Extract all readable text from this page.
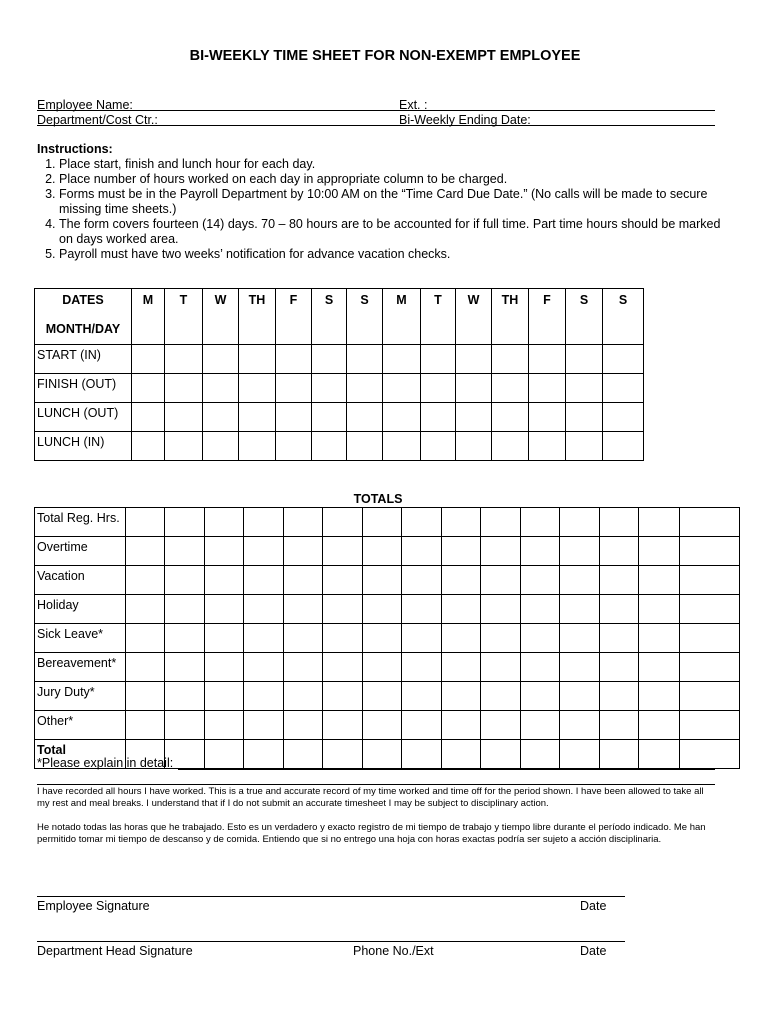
BI-WEEKLY TIME SHEET FOR NON-EXEMPT EMPLOYEE
Employee Name:	Ext. :
Department/Cost Ctr.:	Bi-Weekly Ending Date:
Instructions:
1. Place start, finish and lunch hour for each day.
2. Place number of hours worked on each day in appropriate column to be charged.
3. Forms must be in the Payroll Department by 10:00 AM on the “Time Card Due Date.” (No calls will be made to secure missing time sheets.)
4. The form covers fourteen (14) days. 70 – 80 hours are to be accounted for if full time. Part time hours should be marked on days worked area.
5. Payroll must have two weeks’ notification for advance vacation checks.
DATES
MONTH/DAY	M	T	W	TH	F	S	S	M	T	W	TH	F	S	S
START (IN)														
FINISH (OUT)														
LUNCH (OUT)														
LUNCH (IN)														
TOTALS
Total Reg. Hrs.															
Overtime															
Vacation															
Holiday															
Sick Leave*															
Bereavement*															
Jury Duty*															
Other*															
Total															
*Please explain in detail:
I have recorded all hours I have worked. This is a true and accurate record of my time worked and time off for the period shown. I have been allowed to take all my rest and meal breaks. I understand that if I do not submit an accurate timesheet I may be subject to disciplinary action.
He notado todas las horas que he trabajado. Esto es un verdadero y exacto registro de mi tiempo de trabajo y tiempo libre durante el período indicado. Me han permitido tomar mi tiempo de descanso y de comida. Entiendo que si no entrego una hoja con horas exactas podría ser sujeto a acción disciplinaria.
Employee Signature	Date
Department Head Signature	Phone No./Ext	Date
